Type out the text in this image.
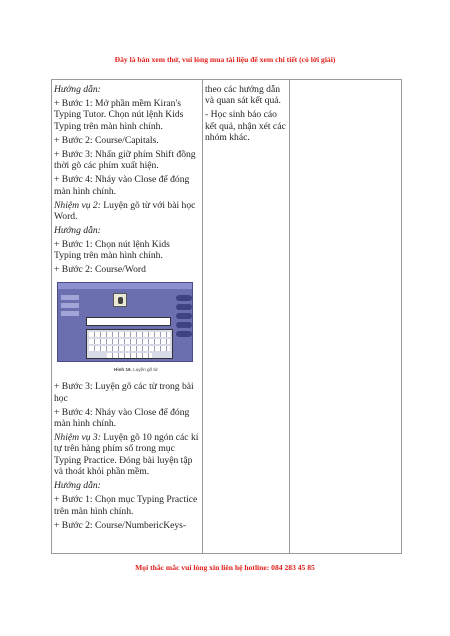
Đây là bản xem thử, vui lòng mua tài liệu để xem chi tiết (có lời giải)

Hướng dẫn:

+ Bước 1: Mở phần mềm Kiran's Typing Tutor. Chọn nút lệnh Kids Typing trên màn hình chính.

+ Bước 2: Course/Capitals.

+ Bước 3: Nhấn giữ phím Shift đồng thời gõ các phím xuất hiện.

+ Bước 4: Nháy vào Close để đóng màn hình chính.

Nhiệm vụ 2: Luyện gõ từ với bài học Word.

Hướng dẫn:

+ Bước 1: Chọn nút lệnh Kids Typing trên màn hình chính.

+ Bước 2: Course/Word

Hình 16. Luyện gõ từ

+ Bước 3: Luyện gõ các từ trong bài học

+ Bước 4: Nháy vào Close để đóng màn hình chính.

Nhiệm vụ 3: Luyện gõ 10 ngón các kí tự trên hàng phím số trong mục Typing Practice. Đóng bài luyện tập và thoát khỏi phần mềm.

Hướng dẫn:

+ Bước 1: Chọn mục Typing Practice trên màn hình chính.

+ Bước 2: Course/NumbericKeys-

theo các hướng dẫn và quan sát kết quả.

- Học sinh báo cáo kết quả, nhận xét các nhóm khác.

Mọi thắc mắc vui lòng xin liên hệ hotline: 084 283 45 85
